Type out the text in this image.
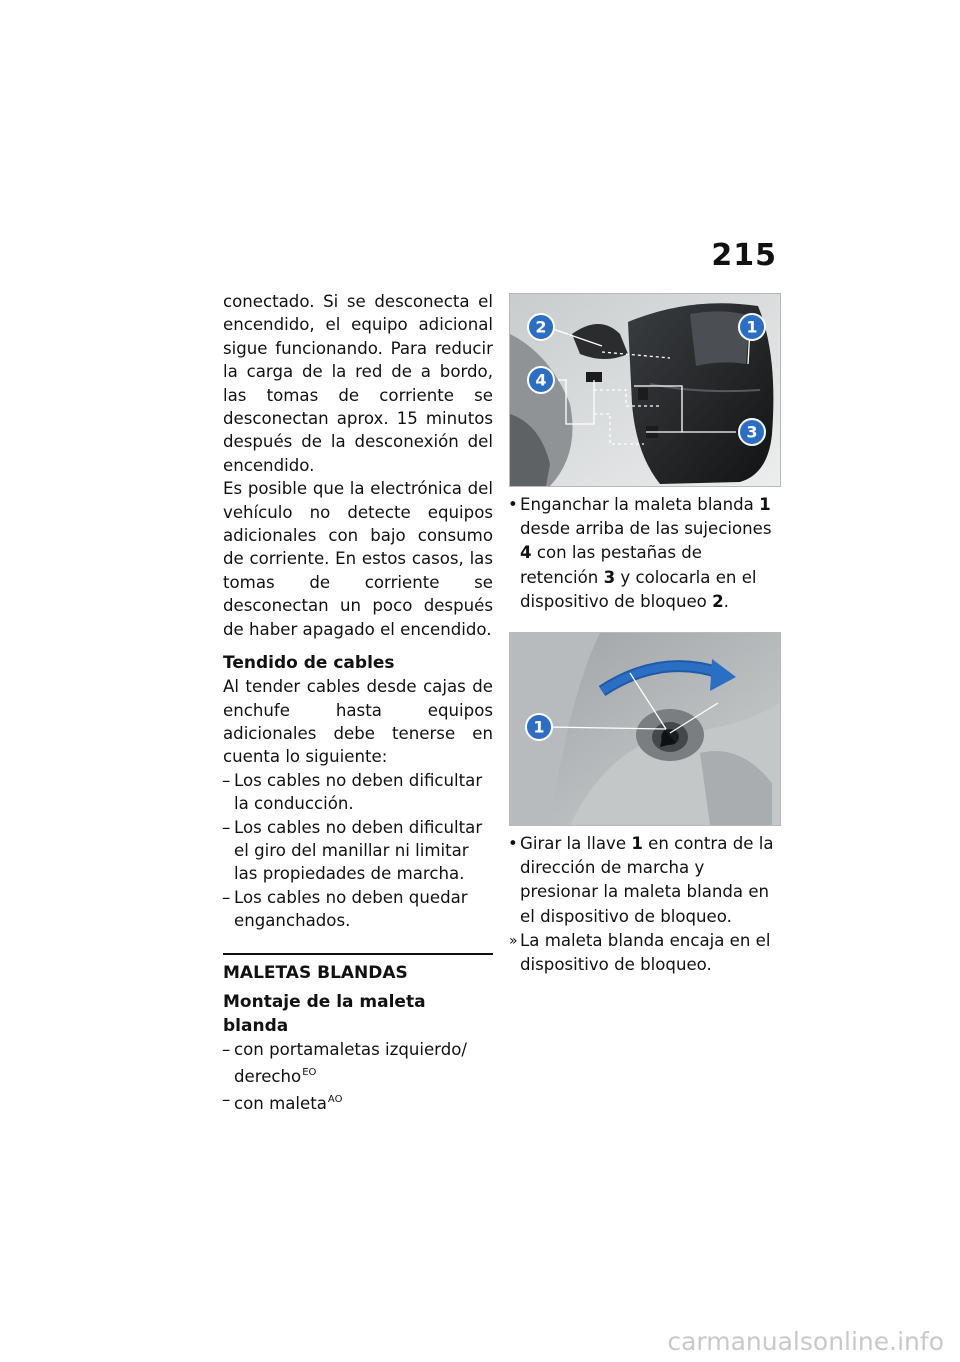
215

conectado. Si se desconecta el encendido, el equipo adicional sigue funcionando. Para reducir la carga de la red de a bordo, las tomas de corriente se desconectan aprox. 15 minutos después de la desconexión del encendido.

Es posible que la electrónica del vehículo no detecte equipos adicionales con bajo consumo de corriente. En estos casos, las tomas de corriente se desconectan un poco después de haber apagado el encendido.

Tendido de cables

Al tender cables desde cajas de enchufe hasta equipos adicionales debe tenerse en cuenta lo siguiente:

– Los cables no deben dificultar la conducción.
– Los cables no deben dificultar el giro del manillar ni limitar las propiedades de marcha.
– Los cables no deben quedar enganchados.
MALETAS BLANDAS
Montaje de la maleta blanda
– con portamaletas izquierdo/ derecho$^{EO}$
– con maleta$^{AO}$
2	1
4
3
• Enganchar la maleta blanda 1 desde arriba de las sujeciones 4 con las pestañas de retención 3 y colocarla en el dispositivo de bloqueo 2.
1
• Girar la llave 1 en contra de la dirección de marcha y presionar la maleta blanda en el dispositivo de bloqueo.
» La maleta blanda encaja en el dispositivo de bloqueo.
carmanualsonline.info
